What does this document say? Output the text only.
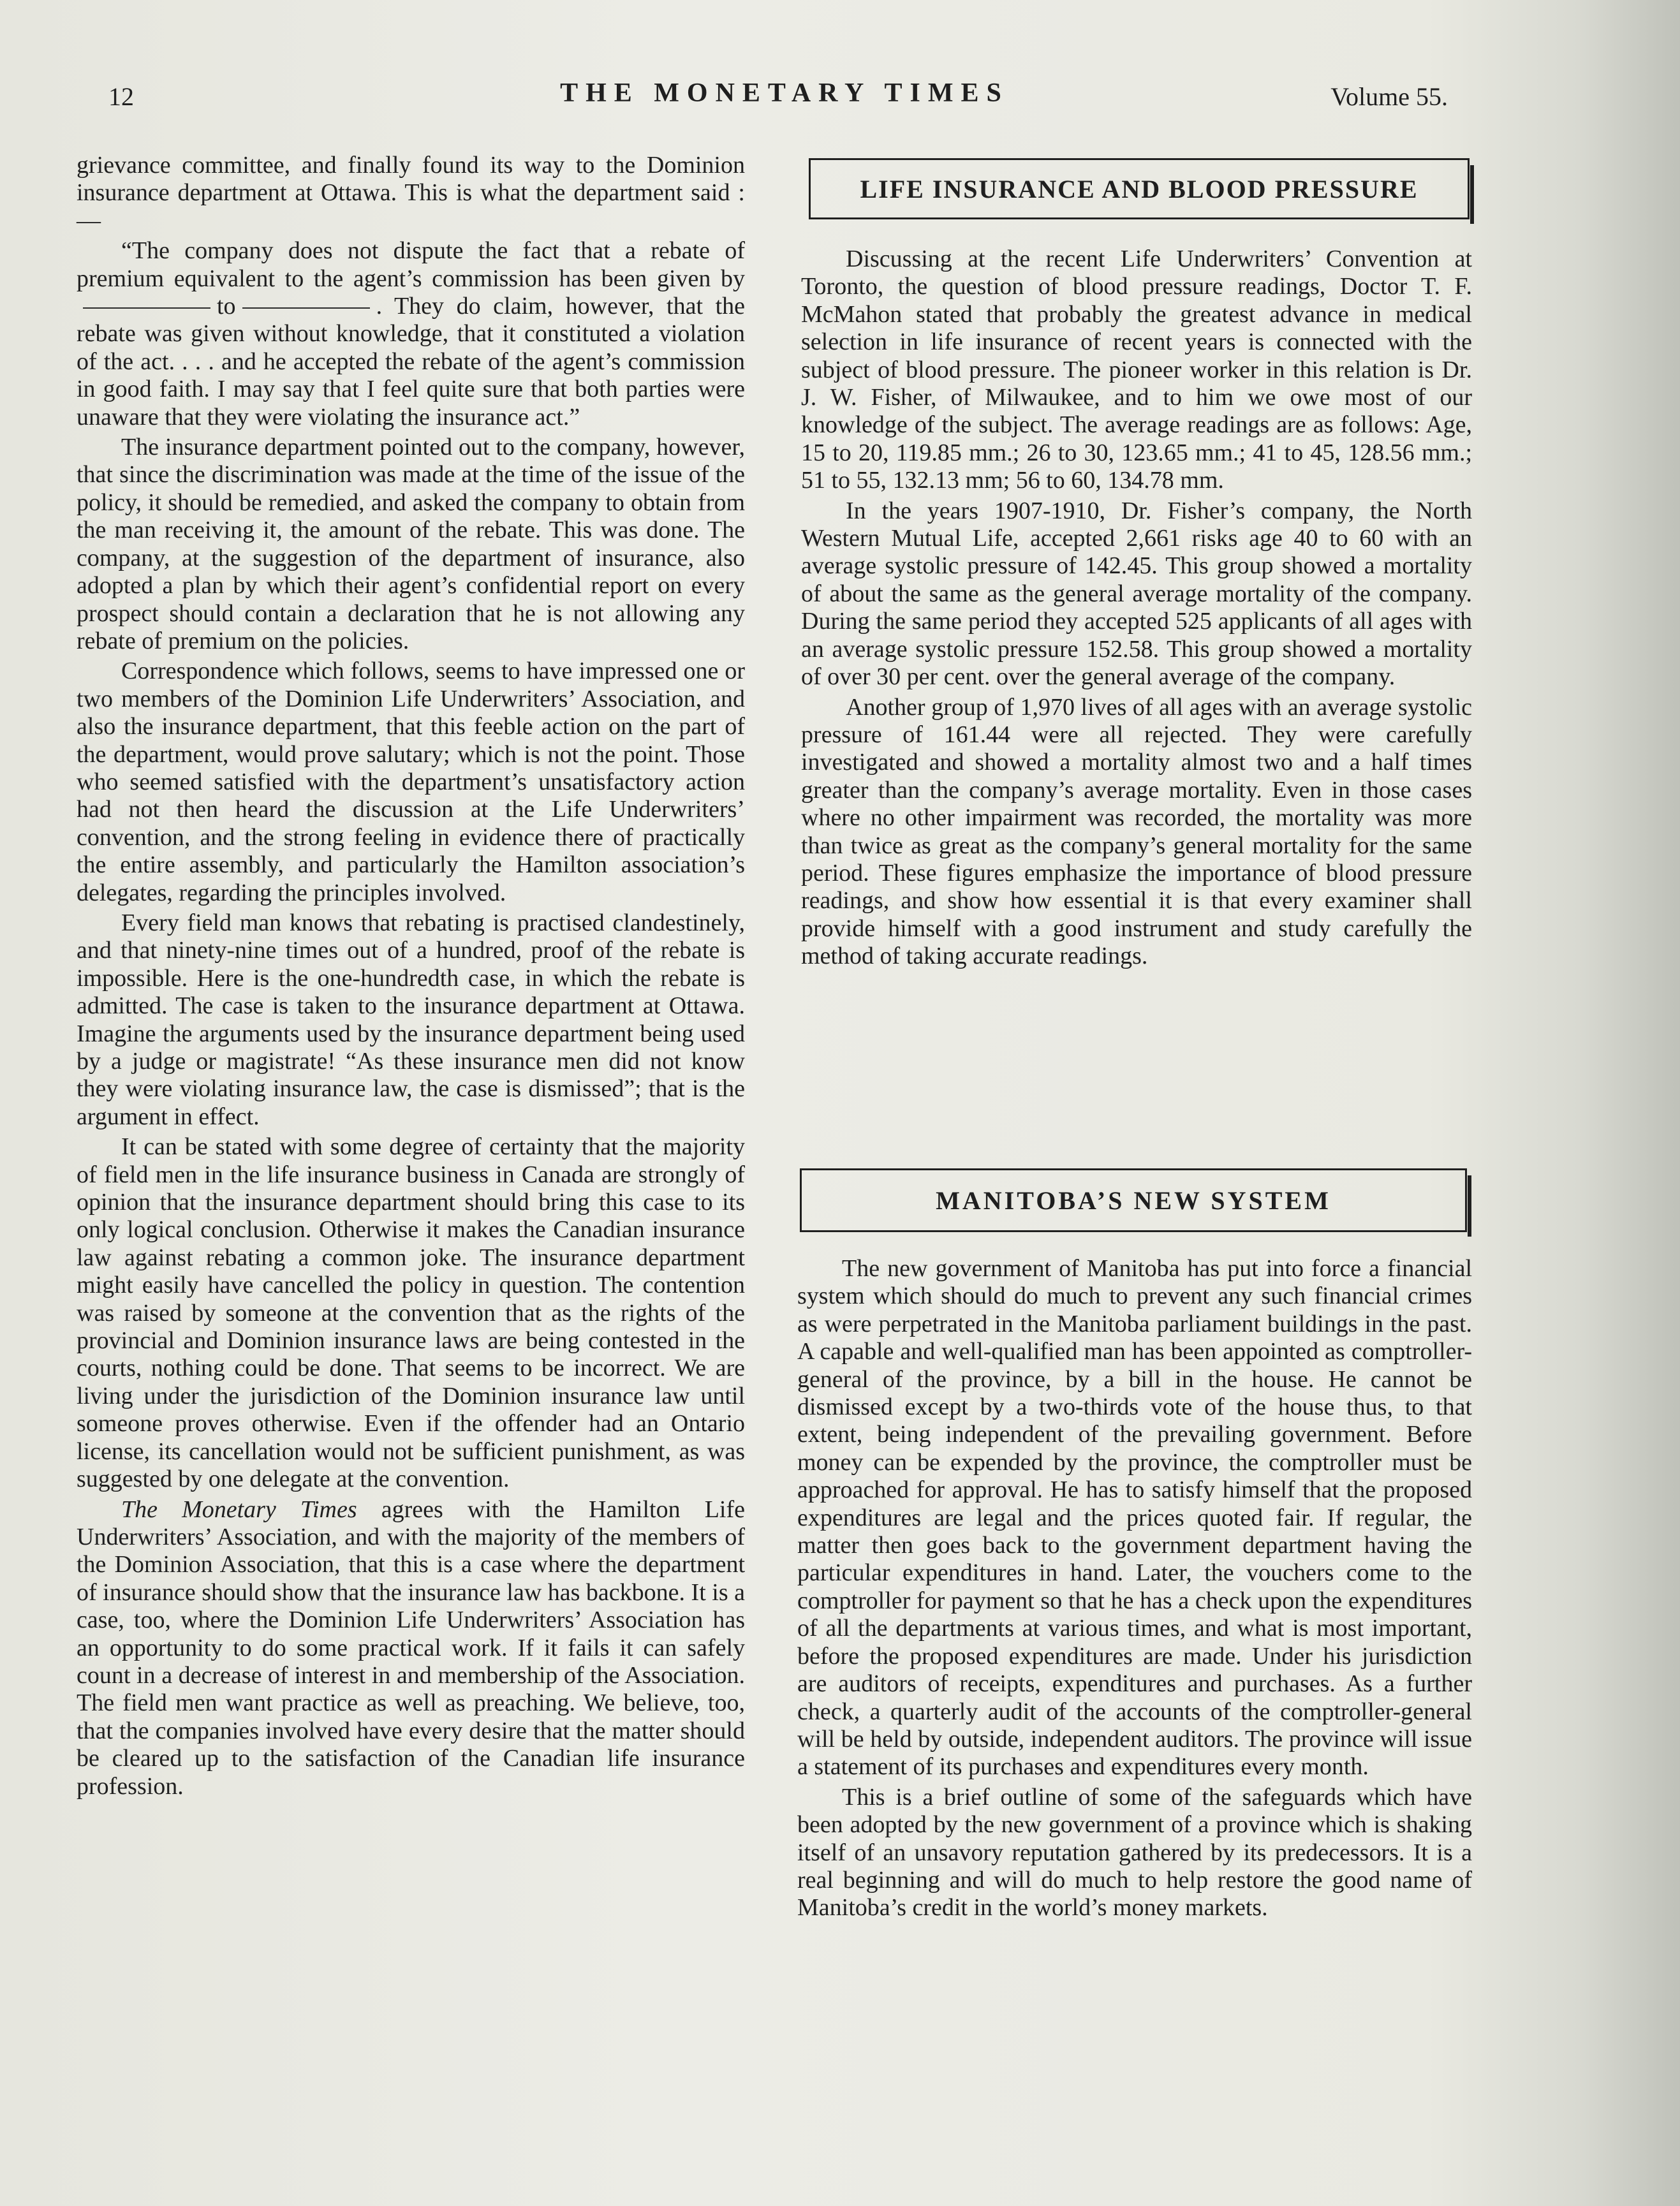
12	THE MONETARY TIMES	Volume 55.

grievance committee, and finally found its way to the Dominion insurance department at Ottawa. This is what the department said :—

“The company does not dispute the fact that a rebate of premium equivalent to the agent’s commission has been given byto	. They do claim, however, that the rebate was given without knowledge, that it constituted a violation of the act. . . . and he accepted the rebate of the agent’s commission in good faith. I may say that I feel quite sure that both parties were unaware that they were violating the insurance act.”

The insurance department pointed out to the company, however, that since the discrimination was made at the time of the issue of the policy, it should be remedied, and asked the company to obtain from the man receiving it, the amount of the rebate. This was done. The company, at the suggestion of the department of insurance, also adopted a plan by which their agent’s confidential report on every prospect should contain a declaration that he is not allowing any rebate of premium on the policies.

Correspondence which follows, seems to have impressed one or two members of the Dominion Life Underwriters’ Association, and also the insurance department, that this feeble action on the part of the department, would prove salutary; which is not the point. Those who seemed satisfied with the department’s unsatisfactory action had not then heard the discussion at the Life Underwriters’ convention, and the strong feeling in evidence there of practically the entire assembly, and particularly the Hamilton association’s delegates, regarding the principles involved.

Every field man knows that rebating is practised clandestinely, and that ninety-nine times out of a hundred, proof of the rebate is impossible. Here is the one-hundredth case, in which the rebate is admitted. The case is taken to the insurance department at Ottawa. Imagine the arguments used by the insurance department being used by a judge or magistrate! “As these insurance men did not know they were violating insurance law, the case is dismissed”; that is the argument in effect.

It can be stated with some degree of certainty that the majority of field men in the life insurance business in Canada are strongly of opinion that the insurance department should bring this case to its only logical conclusion. Otherwise it makes the Canadian insurance law against rebating a common joke. The insurance department might easily have cancelled the policy in question. The contention was raised by someone at the convention that as the rights of the provincial and Dominion insurance laws are being contested in the courts, nothing could be done. That seems to be incorrect. We are living under the jurisdiction of the Dominion insurance law until someone proves otherwise. Even if the offender had an Ontario license, its cancellation would not be sufficient punishment, as was suggested by one delegate at the convention.

The Monetary Times agrees with the Hamilton Life Underwriters’ Association, and with the majority of the members of the Dominion Association, that this is a case where the department of insurance should show that the insurance law has backbone. It is a case, too, where the Dominion Life Underwriters’ Association has an opportunity to do some practical work. If it fails it can safely count in a decrease of interest in and membership of the Association. The field men want practice as well as preaching. We believe, too, that the companies involved have every desire that the matter should be cleared up to the satisfaction of the Canadian life insurance profession.

LIFE INSURANCE AND BLOOD PRESSURE

Discussing at the recent Life Underwriters’ Convention at Toronto, the question of blood pressure readings, Doctor T. F. McMahon stated that probably the greatest advance in medical selection in life insurance of recent years is connected with the subject of blood pressure. The pioneer worker in this relation is Dr. J. W. Fisher, of Milwaukee, and to him we owe most of our knowledge of the subject. The average readings are as follows: Age, 15 to 20, 119.85 mm.; 26 to 30, 123.65 mm.; 41 to 45, 128.56 mm.; 51 to 55, 132.13 mm; 56 to 60, 134.78 mm.

In the years 1907-1910, Dr. Fisher’s company, the North Western Mutual Life, accepted 2,661 risks age 40 to 60 with an average systolic pressure of 142.45. This group showed a mortality of about the same as the general average mortality of the company. During the same period they accepted 525 applicants of all ages with an average systolic pressure 152.58. This group showed a mortality of over 30 per cent. over the general average of the company.

Another group of 1,970 lives of all ages with an average systolic pressure of 161.44 were all rejected. They were carefully investigated and showed a mortality almost two and a half times greater than the company’s average mortality. Even in those cases where no other impairment was recorded, the mortality was more than twice as great as the company’s general mortality for the same period. These figures emphasize the importance of blood pressure readings, and show how essential it is that every examiner shall provide himself with a good instrument and study carefully the method of taking accurate readings.

MANITOBA’S NEW SYSTEM

The new government of Manitoba has put into force a financial system which should do much to prevent any such financial crimes as were perpetrated in the Manitoba parliament buildings in the past. A capable and well-qualified man has been appointed as comptroller-general of the province, by a bill in the house. He cannot be dismissed except by a two-thirds vote of the house thus, to that extent, being independent of the prevailing government. Before money can be expended by the province, the comptroller must be approached for approval. He has to satisfy himself that the proposed expenditures are legal and the prices quoted fair. If regular, the matter then goes back to the government department having the particular expenditures in hand. Later, the vouchers come to the comptroller for payment so that he has a check upon the expenditures of all the departments at various times, and what is most important, before the proposed expenditures are made. Under his jurisdiction are auditors of receipts, expenditures and purchases. As a further check, a quarterly audit of the accounts of the comptroller-general will be held by outside, independent auditors. The province will issue a statement of its purchases and expenditures every month.

This is a brief outline of some of the safeguards which have been adopted by the new government of a province which is shaking itself of an unsavory reputation gathered by its predecessors. It is a real beginning and will do much to help restore the good name of Manitoba’s credit in the world’s money markets.
